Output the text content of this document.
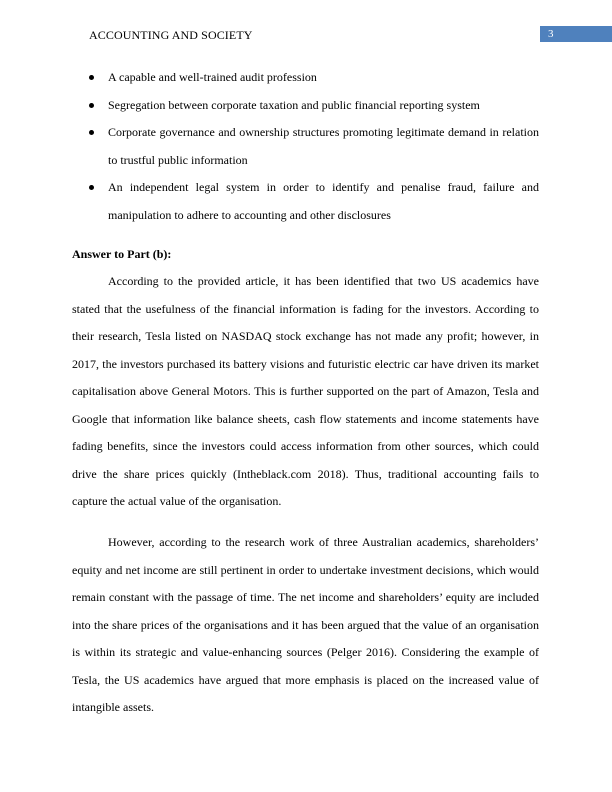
ACCOUNTING AND SOCIETY	3
A capable and well-trained audit profession
Segregation between corporate taxation and public financial reporting system
Corporate governance and ownership structures promoting legitimate demand in relation to trustful public information
An independent legal system in order to identify and penalise fraud, failure and manipulation to adhere to accounting and other disclosures
Answer to Part (b):

According to the provided article, it has been identified that two US academics have stated that the usefulness of the financial information is fading for the investors. According to their research, Tesla listed on NASDAQ stock exchange has not made any profit; however, in 2017, the investors purchased its battery visions and futuristic electric car have driven its market capitalisation above General Motors. This is further supported on the part of Amazon, Tesla and Google that information like balance sheets, cash flow statements and income statements have fading benefits, since the investors could access information from other sources, which could drive the share prices quickly (Intheblack.com 2018). Thus, traditional accounting fails to capture the actual value of the organisation.

However, according to the research work of three Australian academics, shareholders’ equity and net income are still pertinent in order to undertake investment decisions, which would remain constant with the passage of time. The net income and shareholders’ equity are included into the share prices of the organisations and it has been argued that the value of an organisation is within its strategic and value-enhancing sources (Pelger 2016). Considering the example of Tesla, the US academics have argued that more emphasis is placed on the increased value of intangible assets.
